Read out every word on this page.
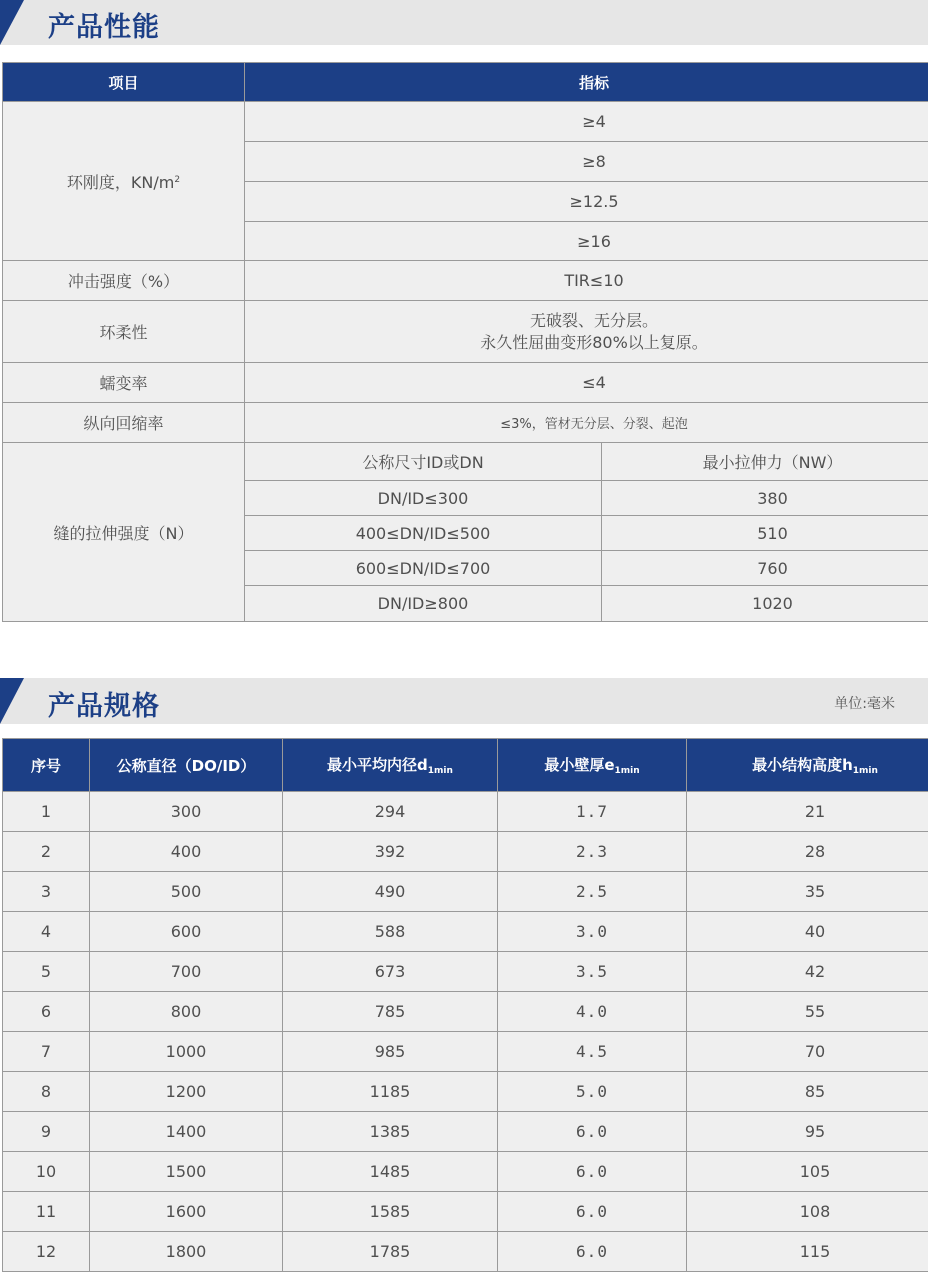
产品性能
项目	指标	
环刚度，$KN/m^2$	≥4	
	≥8	
	≥12.5	
	≥16	
冲击强度（%）	TIR≤10	
环柔性	无破裂、无分层。
永久性屈曲变形80%以上复原。	

蠕变率	≤4	
纵向回缩率	≤3%，管材无分层、分裂、起泡	
缝的拉伸强度（N）	公称尺寸ID或DN	最小拉伸力（NW）
	DN/ID≤300	380
	400≤DN/ID≤500	510
	600≤DN/ID≤700	760
	DN/ID≥800	1020
产品规格	单位:毫米
序号	公称直径（DO/ID）	最小平均内径$d_{1min}$	最小壁厚$e_{1min}$	最小结构高度$h_{1min}$
1	300	294	1.7	21
2	400	392	2.3	28
3	500	490	2.5	35
4	600	588	3.0	40
5	700	673	3.5	42
6	800	785	4.0	55
7	1000	985	4.5	70
8	1200	1185	5.0	85
9	1400	1385	6.0	95
10	1500	1485	6.0	105
11	1600	1585	6.0	108
12	1800	1785	6.0	115
